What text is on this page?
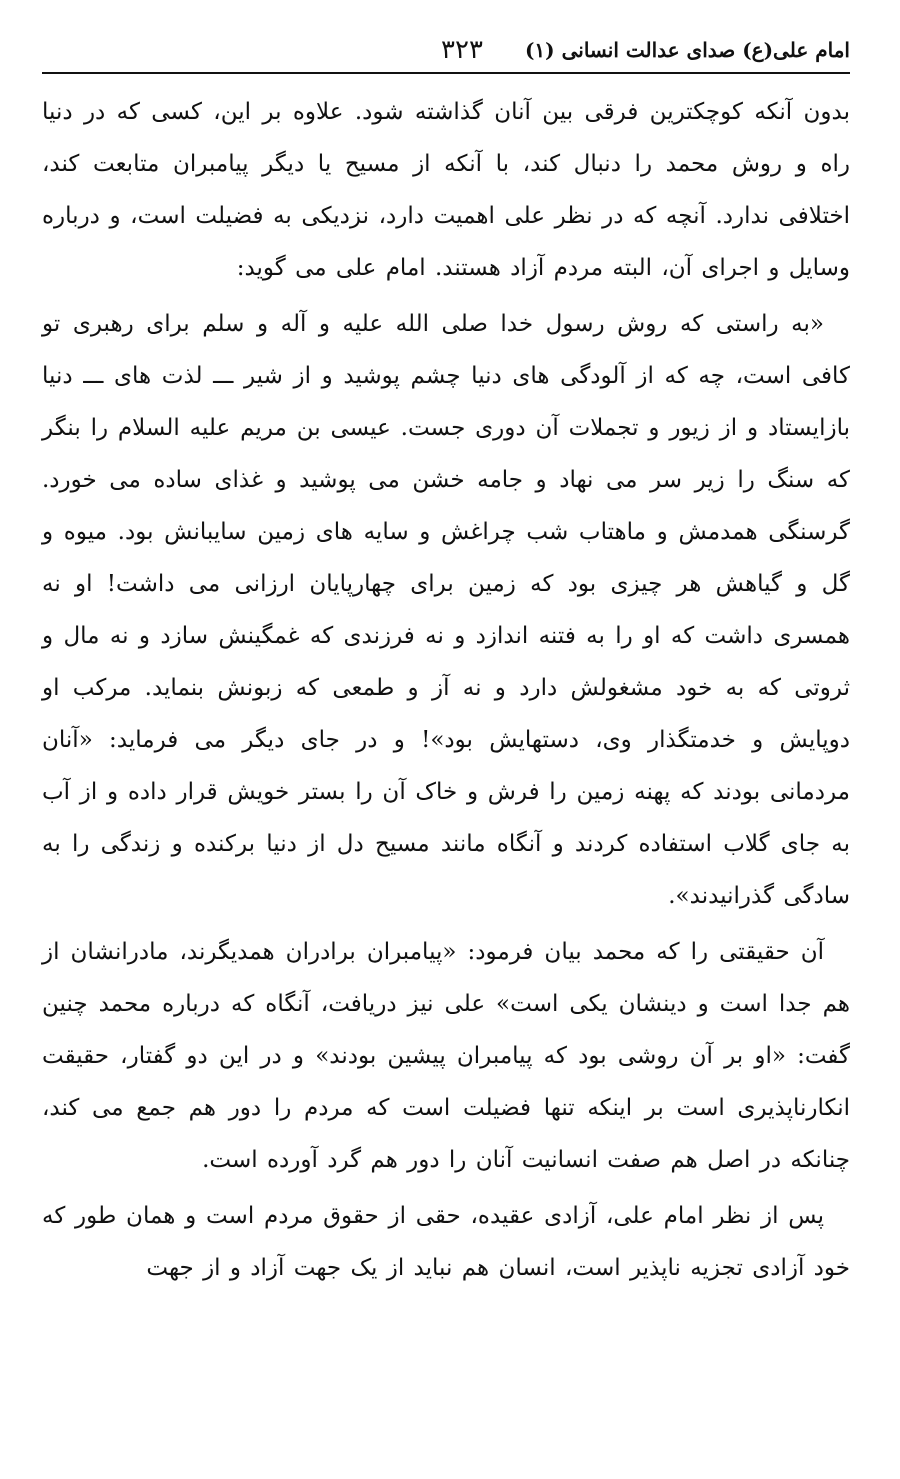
امام علی(ع) صدای عدالت انسانی (۱)
۳۲۳

بدون آنکه کوچکترین فرقی بین آنان گذاشته شود. علاوه بر این، کسی که در دنیا راه و روش محمد را دنبال کند، با آنکه از مسیح یا دیگر پیامبران متابعت کند، اختلافی ندارد. آنچه که در نظر علی اهمیت دارد، نزدیکی به فضیلت است، و درباره وسایل و اجرای آن، البته مردم آزاد هستند. امام علی می گوید:

«به راستی که روش رسول خدا صلی الله علیه و آله و سلم برای رهبری تو کافی است، چه که از آلودگی های دنیا چشم پوشید و از شیر ـــ لذت های ـــ دنیا بازایستاد و از زیور و تجملات آن دوری جست. عیسی بن مریم علیه السلام را بنگر که سنگ را زیر سر می نهاد و جامه خشن می پوشید و غذای ساده می خورد. گرسنگی همدمش و ماهتاب شب چراغش و سایه های زمین سایبانش بود. میوه و گل و گیاهش هر چیزی بود که زمین برای چهارپایان ارزانی می داشت! او نه همسری داشت که او را به فتنه اندازد و نه فرزندی که غمگینش سازد و نه مال و ثروتی که به خود مشغولش دارد و نه آز و طمعی که زبونش بنماید. مرکب او دوپایش و خدمتگذار وی، دستهایش بود»! و در جای دیگر می فرماید: «آنان مردمانی بودند که پهنه زمین را فرش و خاک آن را بستر خویش قرار داده و از آب به جای گلاب استفاده کردند و آنگاه مانند مسیح دل از دنیا برکنده و زندگی را به سادگی گذرانیدند».

آن حقیقتی را که محمد بیان فرمود: «پیامبران برادران همدیگرند، مادرانشان از هم جدا است و دینشان یکی است» علی نیز دریافت، آنگاه که درباره محمد چنین گفت: «او بر آن روشی بود که پیامبران پیشین بودند» و در این دو گفتار، حقیقت انکارناپذیری است بر اینکه تنها فضیلت است که مردم را دور هم جمع می کند، چنانکه در اصل هم صفت انسانیت آنان را دور هم گرد آورده است.

پس از نظر امام علی، آزادی عقیده، حقی از حقوق مردم است و همان طور که خود آزادی تجزیه ناپذیر است، انسان هم نباید از یک جهت آزاد و از جهت
